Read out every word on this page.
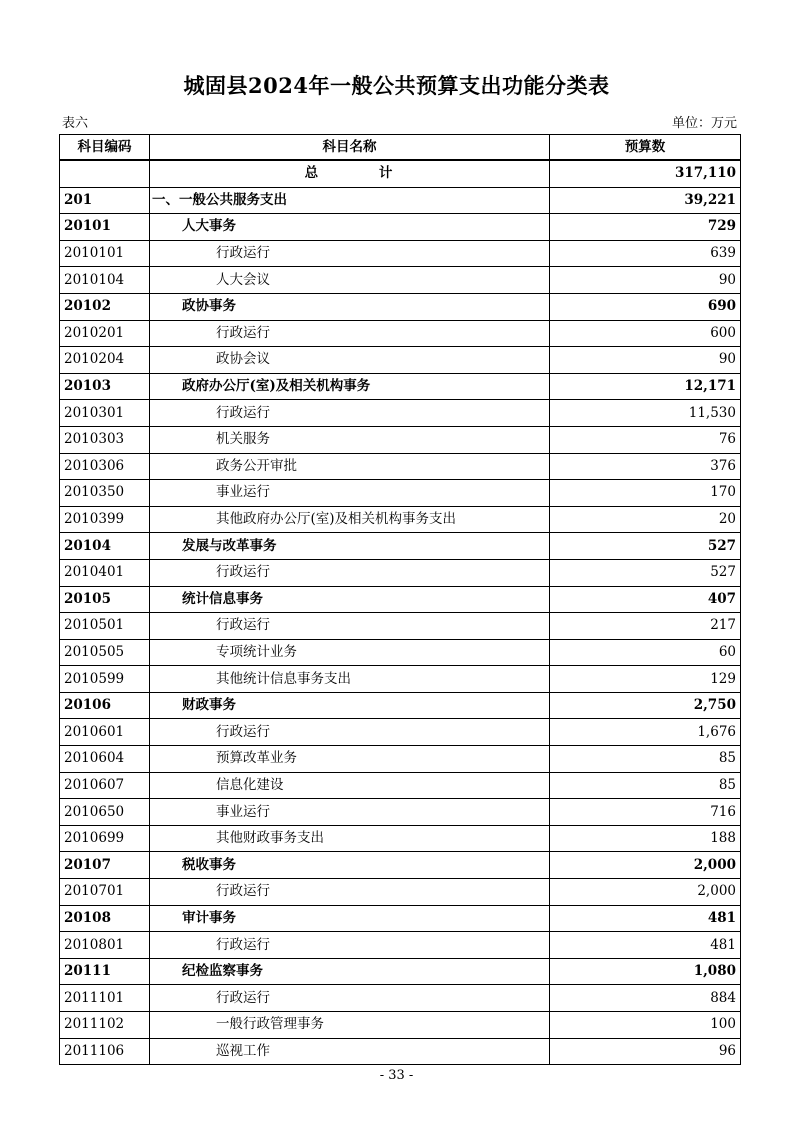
城固县2024年一般公共预算支出功能分类表
表六	单位：万元
科目编码	科目名称	预算数
	总 计	317,110
201	一、一般公共服务支出	39,221
20101	人大事务	729
2010101	行政运行	639
2010104	人大会议	90
20102	政协事务	690
2010201	行政运行	600
2010204	政协会议	90
20103	政府办公厅(室)及相关机构事务	12,171
2010301	行政运行	11,530
2010303	机关服务	76
2010306	政务公开审批	376
2010350	事业运行	170
2010399	其他政府办公厅(室)及相关机构事务支出	20
20104	发展与改革事务	527
2010401	行政运行	527
20105	统计信息事务	407
2010501	行政运行	217
2010505	专项统计业务	60
2010599	其他统计信息事务支出	129
20106	财政事务	2,750
2010601	行政运行	1,676
2010604	预算改革业务	85
2010607	信息化建设	85
2010650	事业运行	716
2010699	其他财政事务支出	188
20107	税收事务	2,000
2010701	行政运行	2,000
20108	审计事务	481
2010801	行政运行	481
20111	纪检监察事务	1,080
2011101	行政运行	884
2011102	一般行政管理事务	100
2011106	巡视工作	96
- 33 -
